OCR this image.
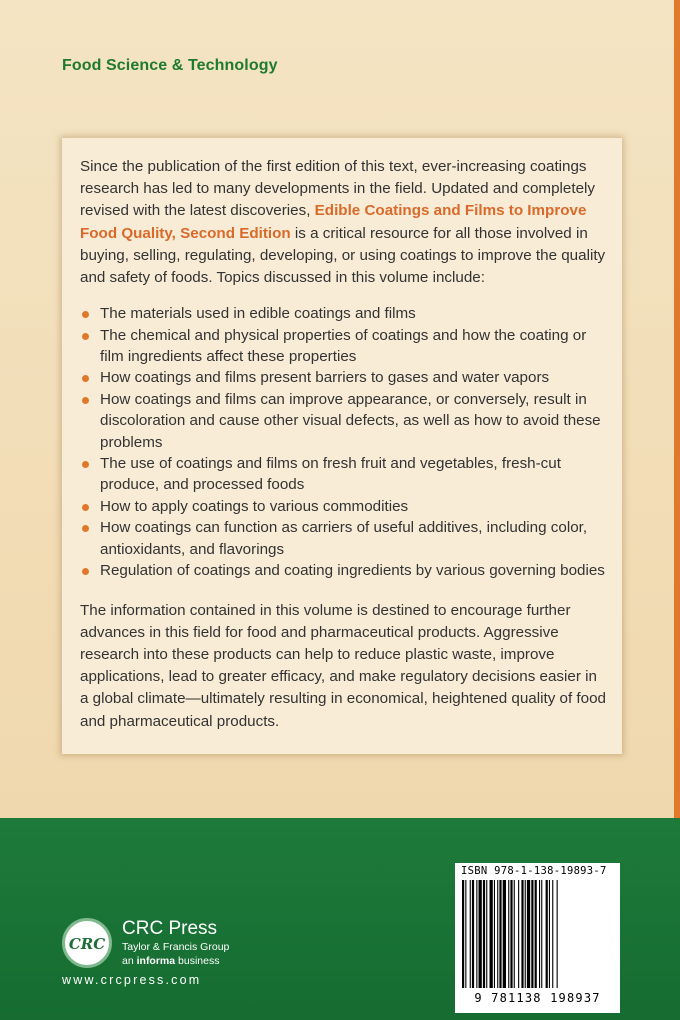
Food Science & Technology

Since the publication of the first edition of this text, ever-increasing coatings research has led to many developments in the field. Updated and completely revised with the latest discoveries, Edible Coatings and Films to Improve Food Quality, Second Edition is a critical resource for all those involved in buying, selling, regulating, developing, or using coatings to improve the quality and safety of foods. Topics discussed in this volume include:

The materials used in edible coatings and films
The chemical and physical properties of coatings and how the coating or film ingredients affect these properties
How coatings and films present barriers to gases and water vapors
How coatings and films can improve appearance, or conversely, result in discoloration and cause other visual defects, as well as how to avoid these problems
The use of coatings and films on fresh fruit and vegetables, fresh-cut produce, and processed foods
How to apply coatings to various commodities
How coatings can function as carriers of useful additives, including color, antioxidants, and flavorings
Regulation of coatings and coating ingredients by various governing bodies

The information contained in this volume is destined to encourage further advances in this field for food and pharmaceutical products. Aggressive research into these products can help to reduce plastic waste, improve applications, lead to greater efficacy, and make regulatory decisions easier in a global climate—ultimately resulting in economical, heightened quality of food and pharmaceutical products.

CRC
CRC Press
Taylor & Francis Group
an informa business
www.crcpress.com
ISBN 978-1-138-19893-7
9 781138 198937
